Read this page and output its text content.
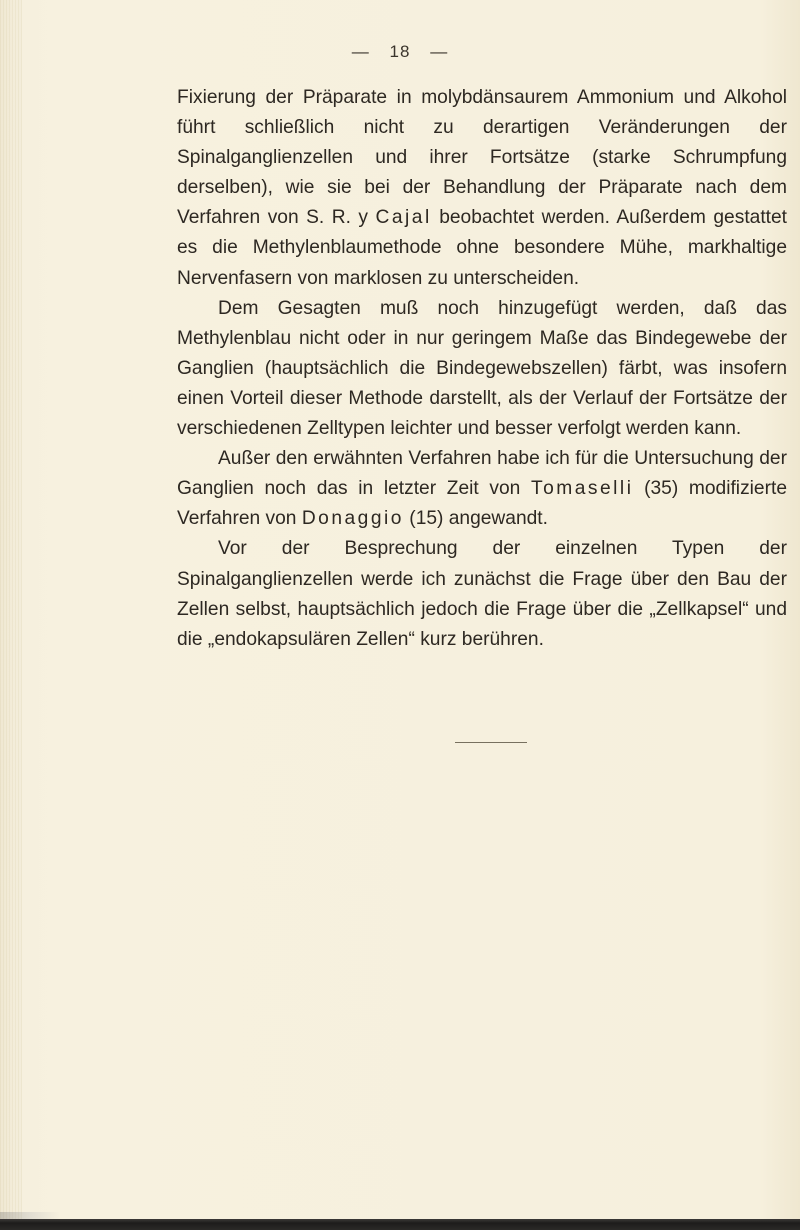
— 18 —

Fixierung der Präparate in molybdänsaurem Ammonium und Alkohol führt schließlich nicht zu derartigen Veränderungen der Spinalganglienzellen und ihrer Fortsätze (starke Schrumpfung derselben), wie sie bei der Behandlung der Präparate nach dem Verfahren von S. R. y Cajal beobachtet werden. Außerdem gestattet es die Methylenblaumethode ohne besondere Mühe, markhaltige Nervenfasern von marklosen zu unterscheiden.

Dem Gesagten muß noch hinzugefügt werden, daß das Methylenblau nicht oder in nur geringem Maße das Bindegewebe der Ganglien (hauptsächlich die Bindegewebszellen) färbt, was insofern einen Vorteil dieser Methode darstellt, als der Verlauf der Fortsätze der verschiedenen Zelltypen leichter und besser verfolgt werden kann.

Außer den erwähnten Verfahren habe ich für die Untersuchung der Ganglien noch das in letzter Zeit von Tomaselli (35) modifizierte Verfahren von Donaggio (15) angewandt.

Vor der Besprechung der einzelnen Typen der Spinalganglienzellen werde ich zunächst die Frage über den Bau der Zellen selbst, hauptsächlich jedoch die Frage über die „Zellkapsel“ und die „endokapsulären Zellen“ kurz berühren.
